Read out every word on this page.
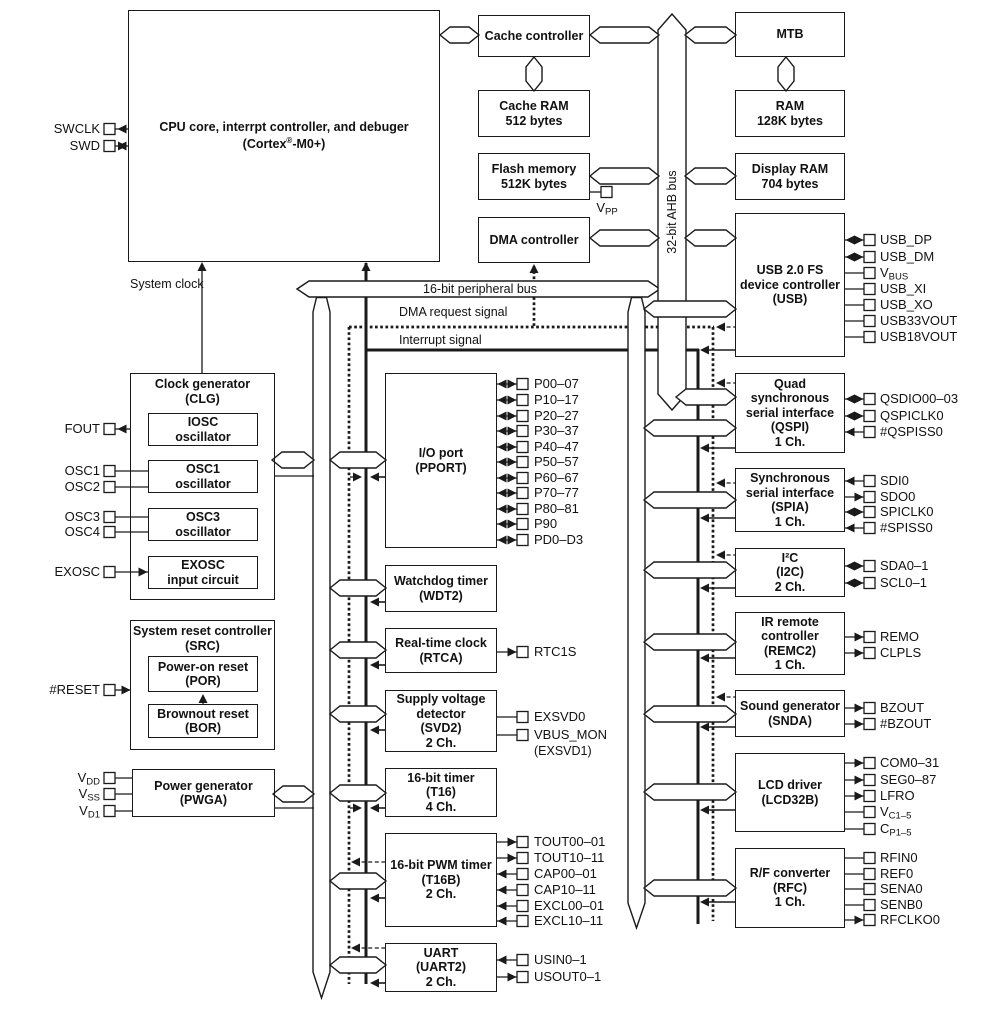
SWCLK
SWD
FOUT
OSC1
OSC2
OSC3
OSC4
EXOSC
#RESET
$V_{DD}$
$V_{SS}$
$V_{D1}$
P00–07
P10–17
P20–27
P30–37
P40–47
P50–57
P60–67
P70–77
P80–81
P90
PD0–D3
RTC1S
EXSVD0
VBUS_MON
TOUT00–01
TOUT10–11
CAP00–01
CAP10–11
EXCL00–01
EXCL10–11
USIN0–1
USOUT0–1
USB_DP
USB_DM
$V_{BUS}$
USB_XI
USB_XO
USB33VOUT
USB18VOUT
QSDIO00–03
QSPICLK0
#QSPISS0
SDI0
SDO0
SPICLK0
#SPISS0
SDA0–1
SCL0–1
REMO
CLPLS
BZOUT
#BZOUT
COM0–31
SEG0–87
LFRO
$V_{C1-5}$
$C_{P1-5}$
RFIN0
REF0
SENA0
SENB0
RFCLKO0
$V_{PP}$
CPU core, interrpt controller, and debuger
(Cortex®-M0+)
Cache controller
Cache RAM
512 bytes
Flash memory
512K bytes
DMA controller
MTB
RAM
128K bytes
Display RAM
704 bytes
USB 2.0 FS
device controller
(USB)
Clock generator
(CLG)
IOSC
oscillator
OSC1
oscillator
OSC3
oscillator
EXOSC
input circuit
System reset controller
(SRC)
Power-on reset
(POR)
Brownout reset
(BOR)
Power generator
(PWGA)
I/O port
(PPORT)
Watchdog timer
(WDT2)
Real-time clock
(RTCA)
Supply voltage
detector
(SVD2)
2 Ch.
16-bit timer
(T16)
4 Ch.
16-bit PWM timer
(T16B)
2 Ch.
UART
(UART2)
2 Ch.
Quad
synchronous
serial interface
(QSPI)
1 Ch.
Synchronous
serial interface
(SPIA)
1 Ch.
I²C
(I2C)
2 Ch.
IR remote
controller
(REMC2)
1 Ch.
Sound generator
(SNDA)
LCD driver
(LCD32B)
R/F converter
(RFC)
1 Ch.
System clock	16-bit peripheral bus
DMA request signal
Interrupt signal
32-bit AHB bus
(EXSVD1)
